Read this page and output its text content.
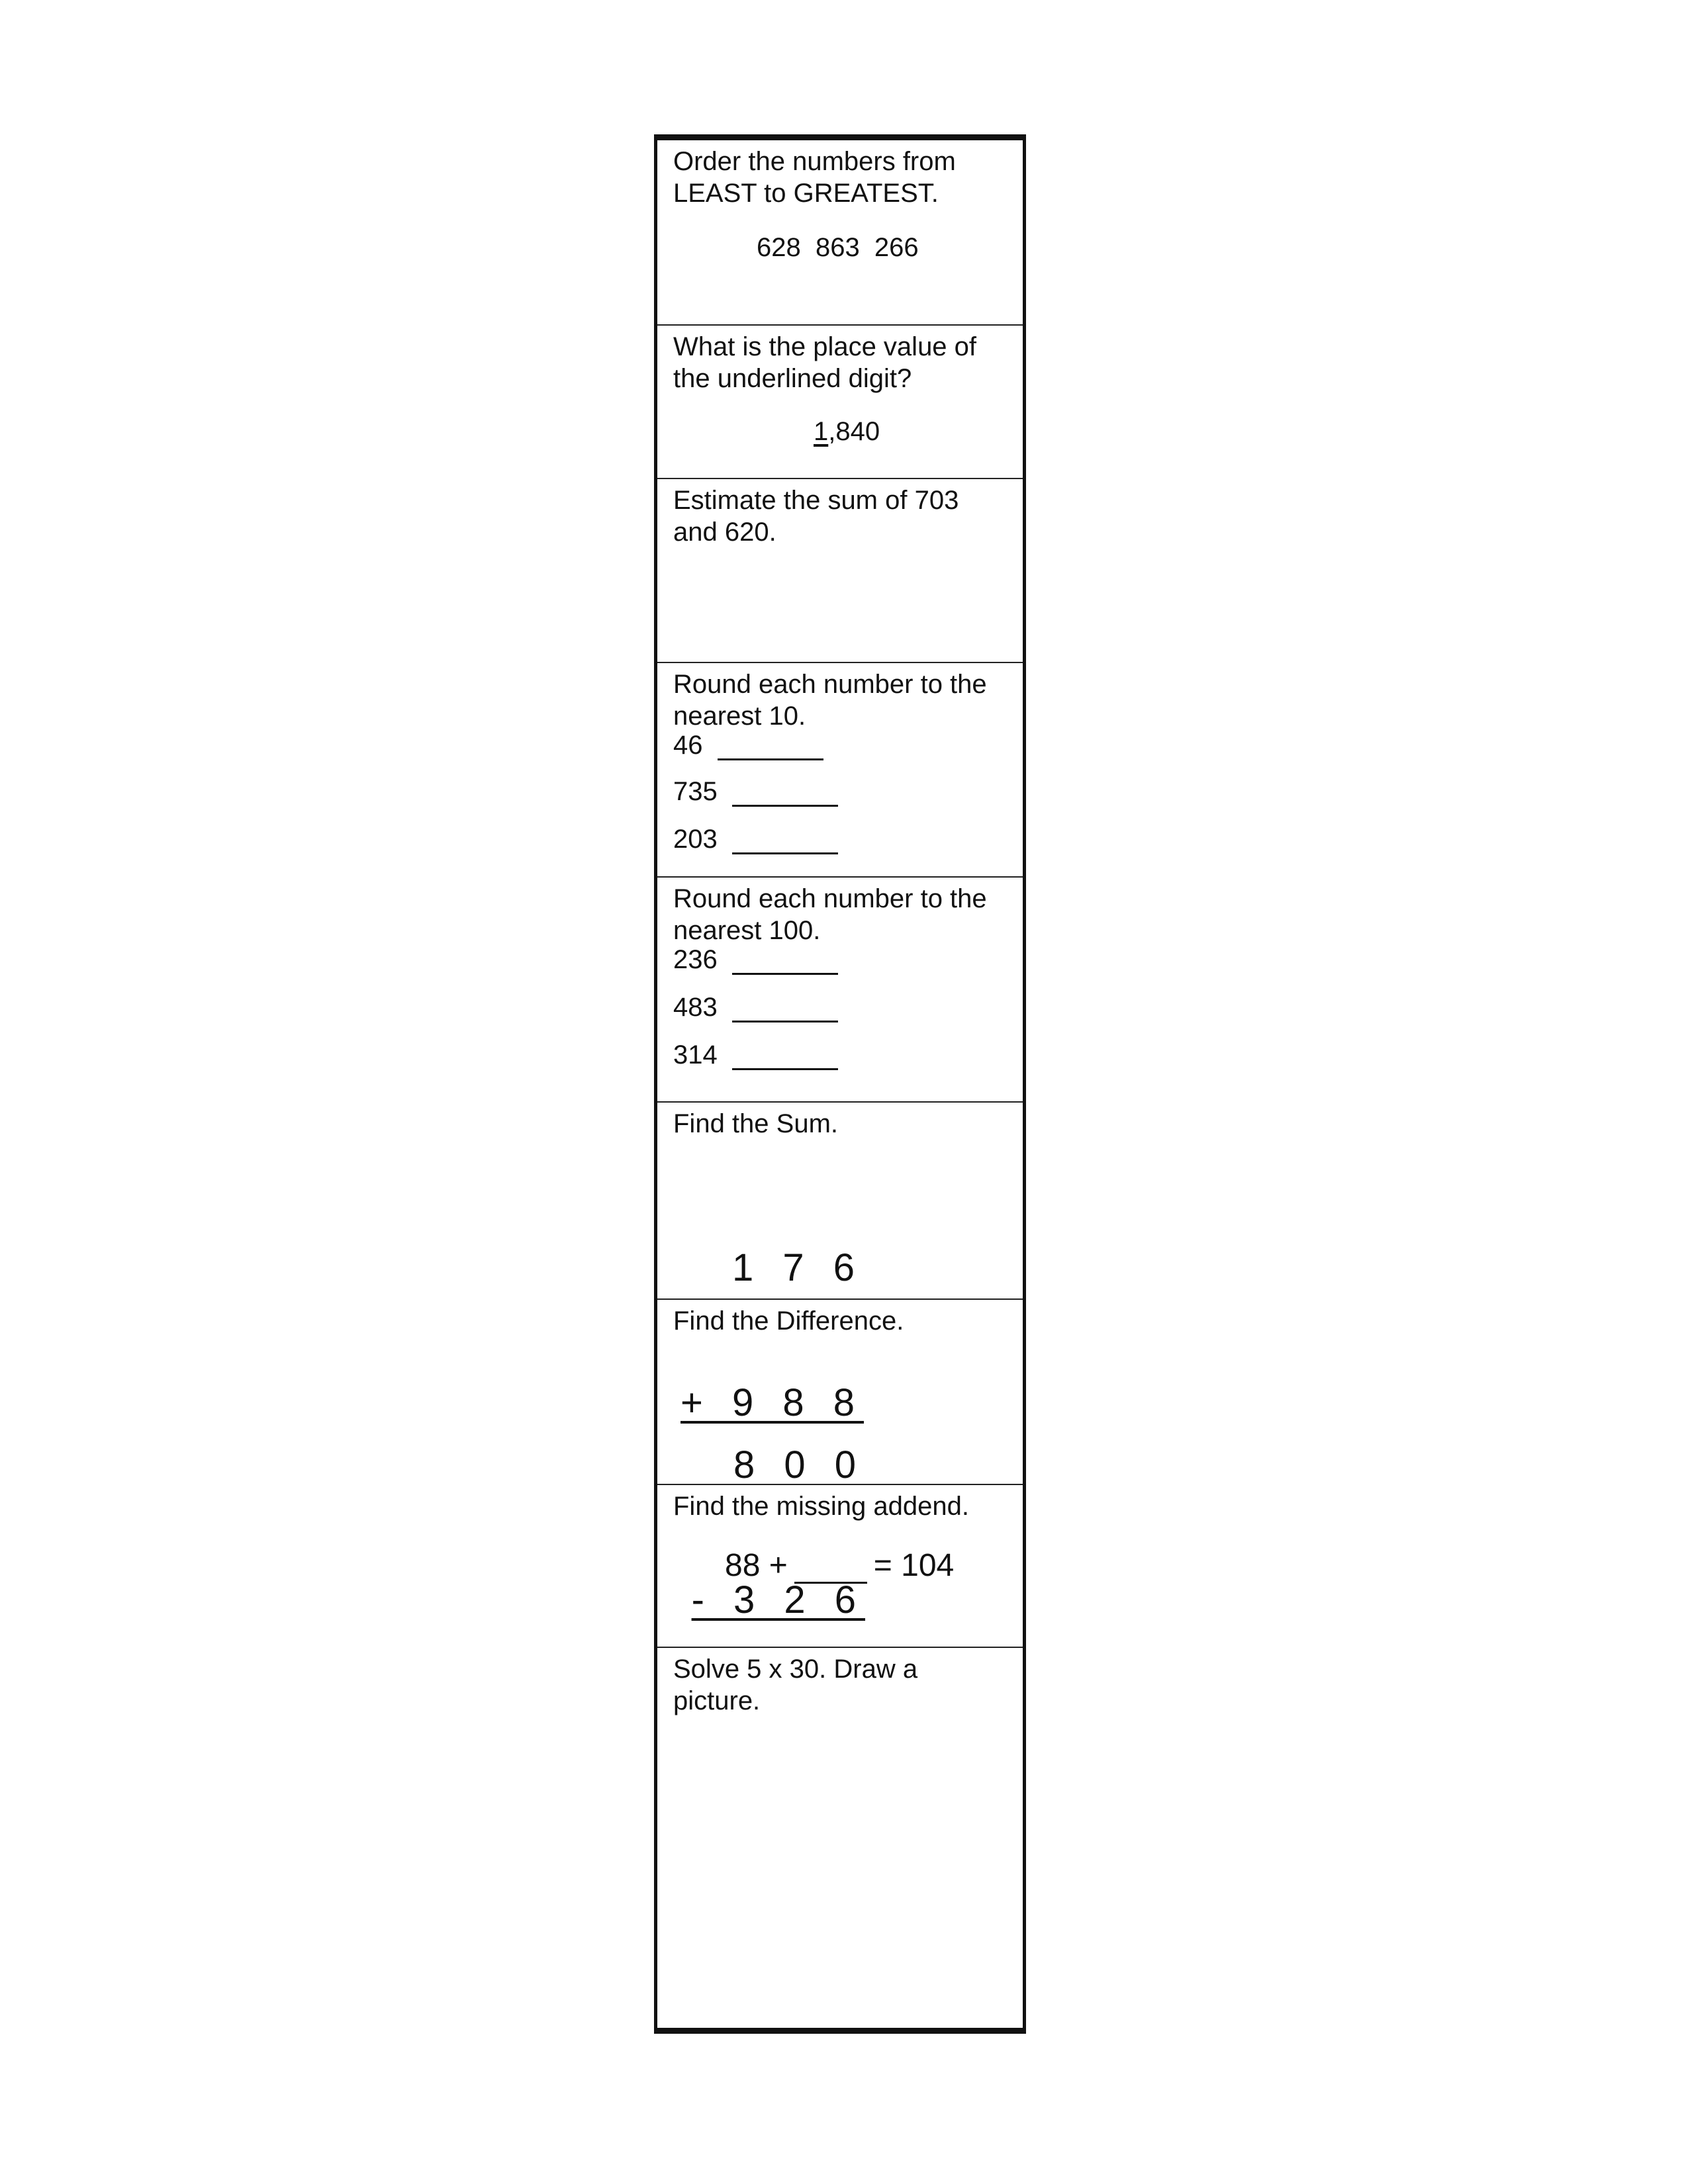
Order the numbers from
LEAST to GREATEST.

628  863  266

What is the place value of
the underlined digit?

1,840

Estimate the sum of 703
and 620.

Round each number to the
nearest 10.

46
735
203

Round each number to the
nearest 100.

236
483
314

Find the Sum.

1 7 6

+ 9 8 8

Find the Difference.

8 0 0

- 3 2 6

Find the missing addend.

88 +	= 104

Solve 5 x 30. Draw a
picture.
